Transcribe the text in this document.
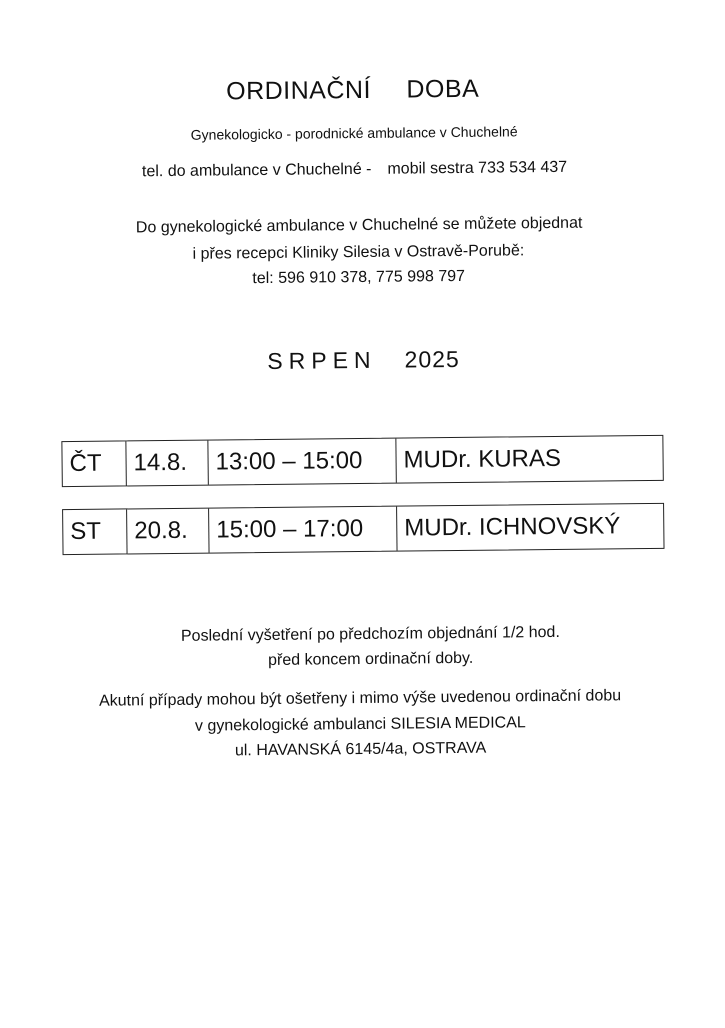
ORDINAČNÍ DOBA
Gynekologicko - porodnické ambulance v Chuchelné
tel. do ambulance v Chuchelné - mobil sestra 733 534 437
Do gynekologické ambulance v Chuchelné se můžete objednat
i přes recepci Kliniky Silesia v Ostravě-Porubě:
tel: 596 910 378, 775 998 797
SRPEN 2025
ČT	14.8.	13:00 – 15:00	MUDr. KURAS
ST	20.8.	15:00 – 17:00	MUDr. ICHNOVSKÝ
Poslední vyšetření po předchozím objednání 1/2 hod.
před koncem ordinační doby.
Akutní případy mohou být ošetřeny i mimo výše uvedenou ordinační dobu
v gynekologické ambulanci SILESIA MEDICAL
ul. HAVANSKÁ 6145/4a, OSTRAVA
